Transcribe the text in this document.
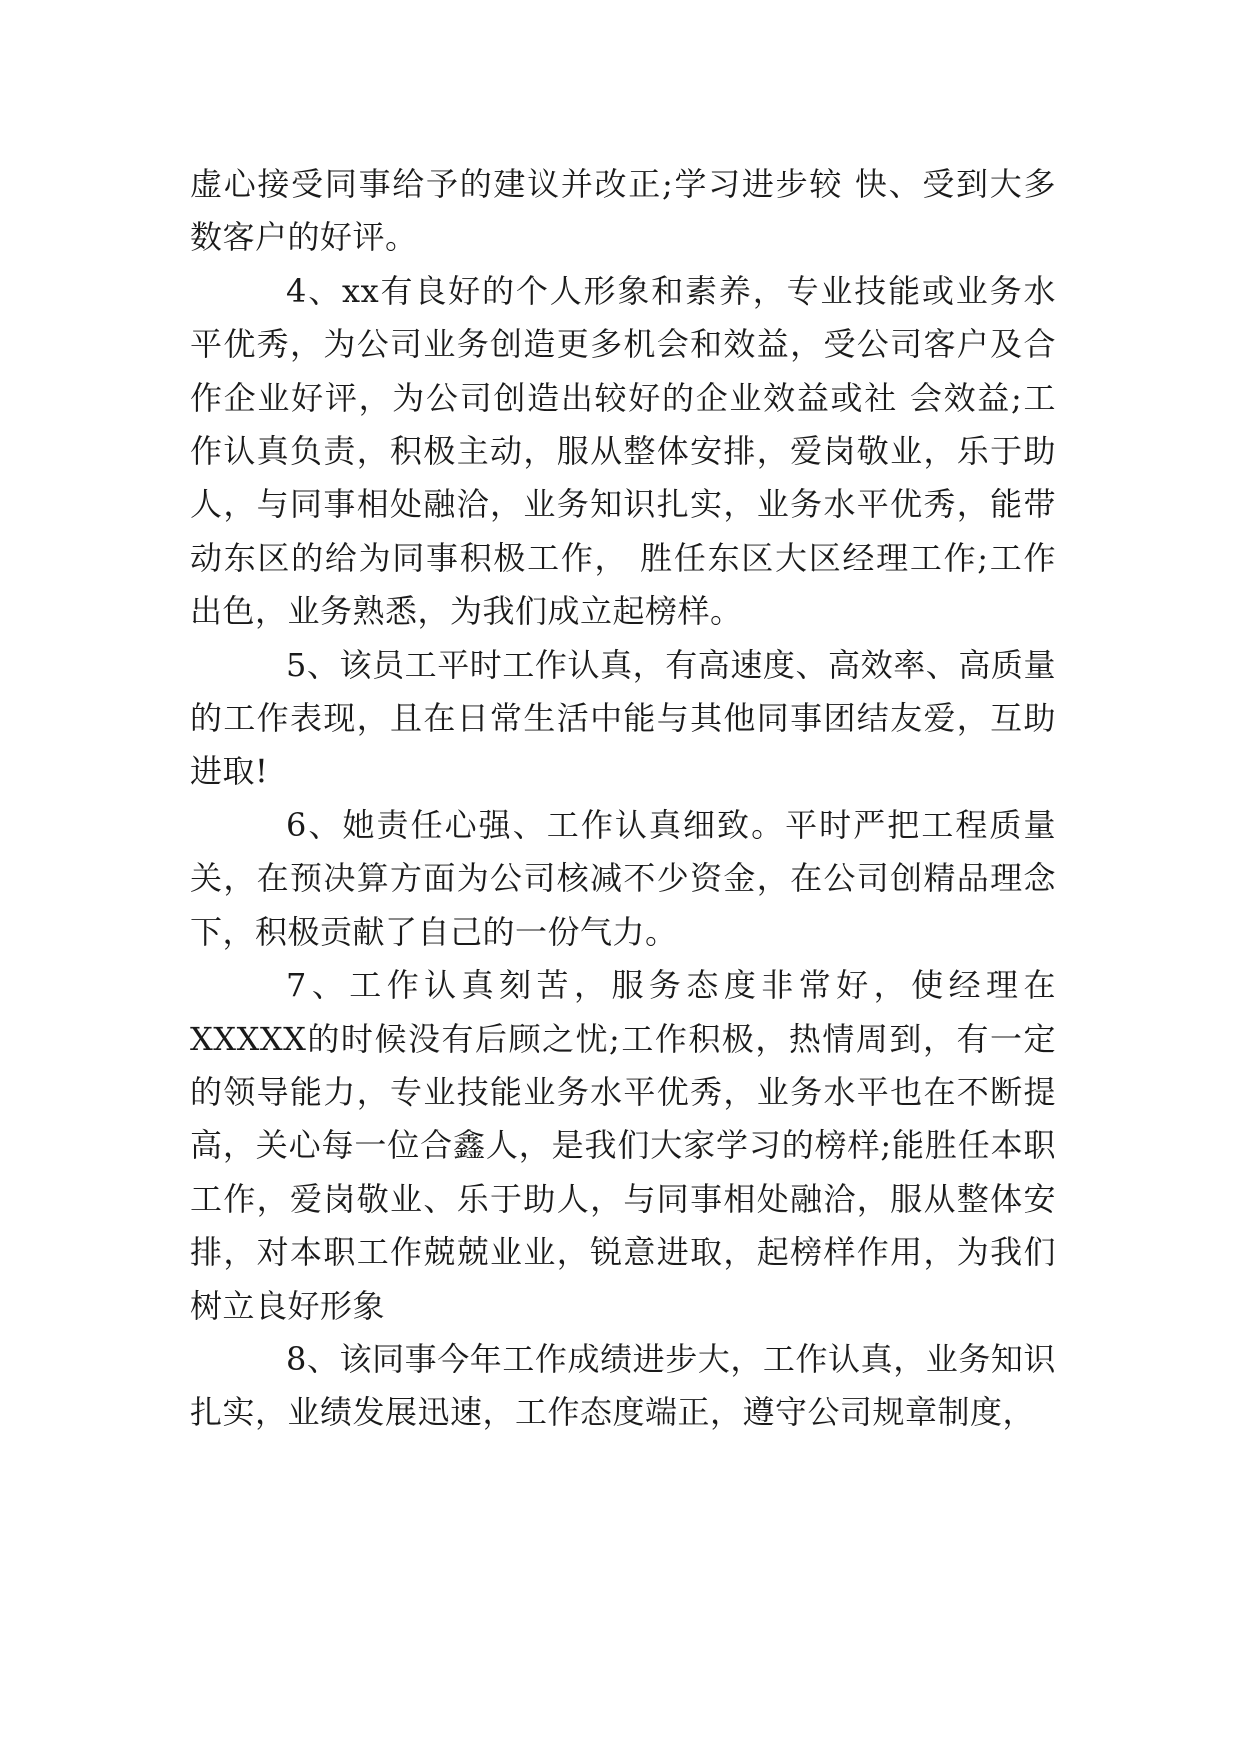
虚心接受同事给予的建议并改正;学习进步较 快、受到大多数客户的好评。

4、xx有良好的个人形象和素养，专业技能或业务水平优秀，为公司业务创造更多机会和效益，受公司客户及合作企业好评，为公司创造出较好的企业效益或社 会效益;工作认真负责，积极主动，服从整体安排，爱岗敬业，乐于助人，与同事相处融洽，业务知识扎实，业务水平优秀，能带动东区的给为同事积极工作， 胜任东区大区经理工作;工作出色，业务熟悉，为我们成立起榜样。

5、该员工平时工作认真，有高速度、高效率、高质量的工作表现，且在日常生活中能与其他同事团结友爱，互助进取!

6、她责任心强、工作认真细致。平时严把工程质量关，在预决算方面为公司核减不少资金，在公司创精品理念下，积极贡献了自己的一份气力。

7、工作认真刻苦，服务态度非常好，使经理在XXXXX的时候没有后顾之忧;工作积极，热情周到，有一定的领导能力，专业技能业务水平优秀，业务水平也在不断提高，关心每一位合鑫人，是我们大家学习的榜样;能胜任本职工作，爱岗敬业、乐于助人，与同事相处融洽，服从整体安排，对本职工作兢兢业业，锐意进取，起榜样作用，为我们树立良好形象

8、该同事今年工作成绩进步大，工作认真，业务知识扎实，业绩发展迅速，工作态度端正，遵守公司规章制度，
